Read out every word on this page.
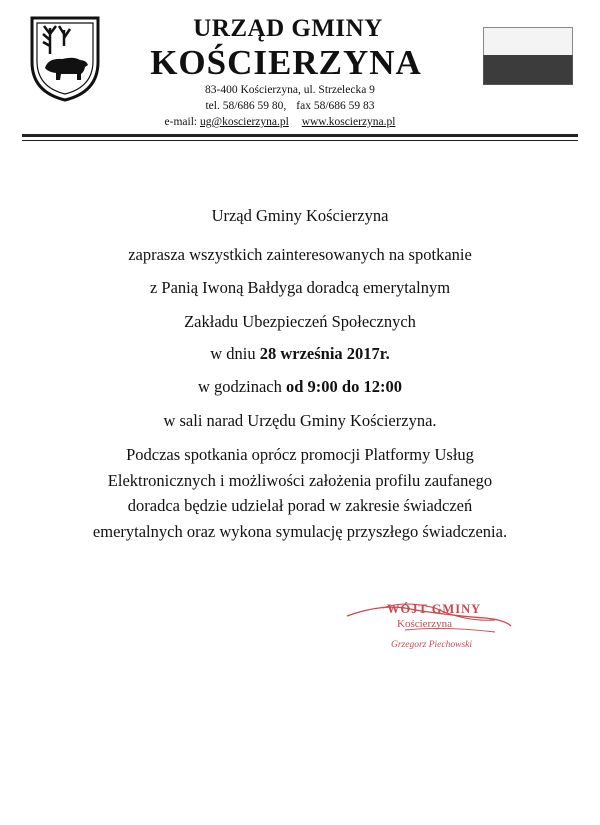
URZĄD GMINY
KOŚCIERZYNA
83-400 Kościerzyna, ul. Strzelecka 9
tel. 58/686 59 80, fax 58/686 59 83
e-mail: ug@koscierzyna.pl www.koscierzyna.pl
Urząd Gminy Kościerzyna
zaprasza wszystkich zainteresowanych na spotkanie
z Panią Iwoną Bałdyga doradcą emerytalnym
Zakładu Ubezpieczeń Społecznych
w dniu 28 września 2017r.
w godzinach od 9:00 do 12:00
w sali narad Urzędu Gminy Kościerzyna.
Podczas spotkania oprócz promocji Platformy Usług
Elektronicznych i możliwości założenia profilu zaufanego
doradca będzie udzielał porad w zakresie świadczeń
emerytalnych oraz wykona symulację przyszłego świadczenia.
WÓJT GMINY
Kościerzyna
Grzegorz Piechowski
